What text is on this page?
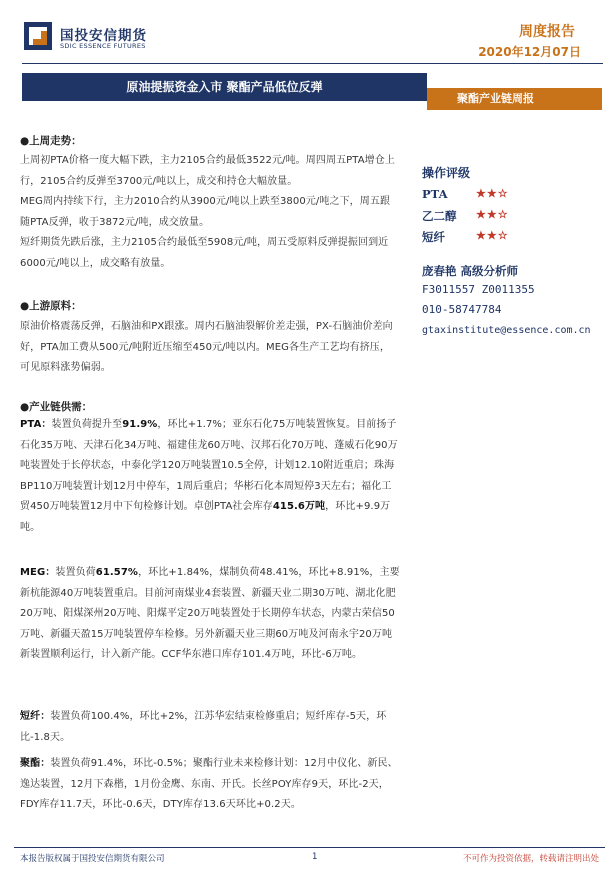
国投安信期货
SDIC ESSENCE FUTURES
周度报告
2020年12月07日
原油提振资金入市 聚酯产品低位反弹
聚酯产业链周报
●上周走势：
上周初PTA价格一度大幅下跌，主力2105合约最低3522元/吨。周四周五PTA增仓上行，2105合约反弹至3700元/吨以上，成交和持仓大幅放量。
MEG周内持续下行，主力2010合约从3900元/吨以上跌至3800元/吨之下，周五跟随PTA反弹，收于3872元/吨，成交放量。
短纤期货先跌后涨，主力2105合约最低至5908元/吨，周五受原料反弹提振回到近6000元/吨以上，成交略有放量。
●上游原料：
原油价格震荡反弹，石脑油和PX跟涨。周内石脑油裂解价差走强，PX-石脑油价差向好，PTA加工费从500元/吨附近压缩至450元/吨以内。MEG各生产工艺均有挤压，可见原料涨势偏弱。
●产业链供需：
PTA：装置负荷提升至91.9%，环比+1.7%；亚东石化75万吨装置恢复。目前扬子石化35万吨、天津石化34万吨、福建佳龙60万吨、汉邦石化70万吨、蓬威石化90万吨装置处于长停状态，中泰化学120万吨装置10.5全停，计划12.10附近重启；珠海BP110万吨装置计划12月中停车，1周后重启；华彬石化本周短停3天左右；福化工贸450万吨装置12月中下旬检修计划。卓创PTA社会库存415.6万吨，环比+9.9万吨。
MEG：装置负荷61.57%，环比+1.84%，煤制负荷48.41%，环比+8.91%，主要新杭能源40万吨装置重启。目前河南煤业4套装置、新疆天业二期30万吨、湖北化肥20万吨、阳煤深州20万吨、阳煤平定20万吨装置处于长期停车状态，内蒙古荣信50万吨、新疆天盈15万吨装置停车检修。另外新疆天业三期60万吨及河南永宇20万吨新装置顺利运行，计入新产能。CCF华东港口库存101.4万吨，环比-6万吨。
短纤：装置负荷100.4%，环比+2%，江苏华宏结束检修重启；短纤库存-5天，环比-1.8天。
聚酯：装置负荷91.4%，环比-0.5%；聚酯行业未来检修计划：12月中仪化、新民、逸达装置，12月下森楷，1月份金鹰、东南、开氏。长丝POY库存9天，环比-2天，FDY库存11.7天，环比-0.6天，DTY库存13.6天环比+0.2天。
操作评级
PTA	★★☆
乙二醇 ★★☆
短纤	★★☆
庞春艳 高级分析师
F3011557 Z0011355
010-58747784
gtaxinstitute@essence.com.cn
本报告版权属于国投安信期货有限公司	1	不可作为投资依据，转载请注明出处
